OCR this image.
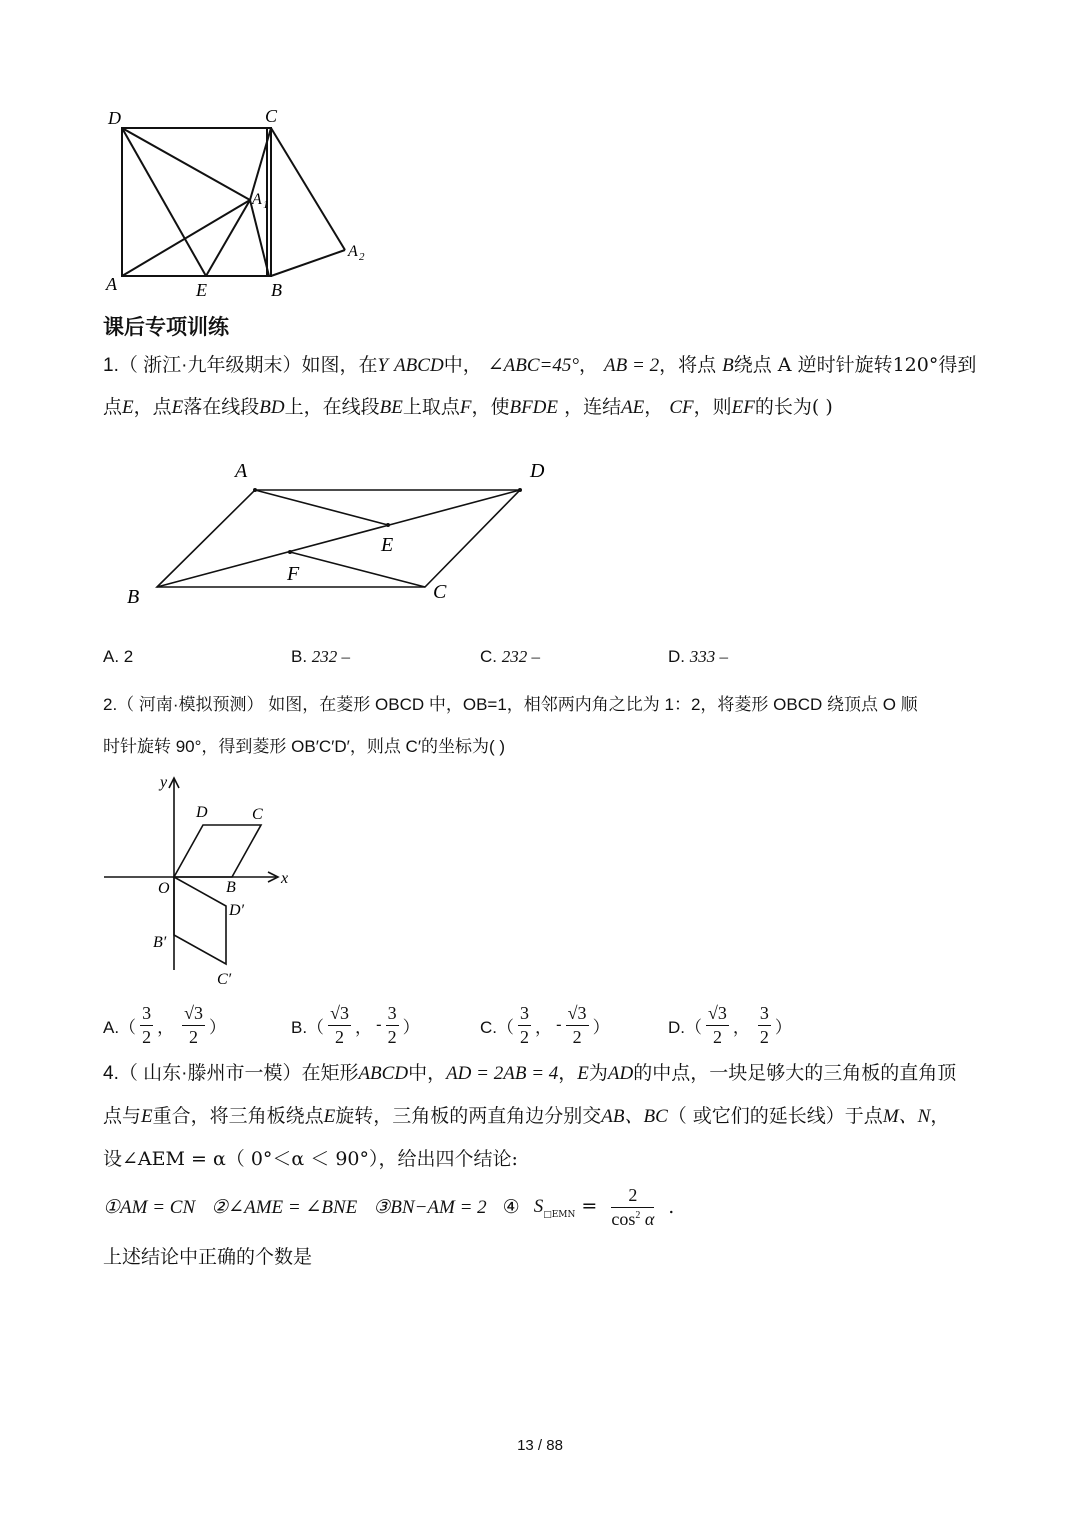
D	C
A 1
A 2
A	E	B
课后专项训练
1.（ 浙江·九年级期末）如图，在Y ABCD中， ∠ABC=45°， AB = 2，将点 B绕点 A 逆时针旋转120°得到
点E，点E落在线段BD上，在线段BE上取点F，使BFDE ，连结AE， CF，则EF的长为( )
A	D
E
F
B	C
A. 2	B. 232 –	C. 232 –	D. 333 –
2.（ 河南·模拟预测） 如图，在菱形 OBCD 中，OB=1，相邻两内角之比为 1：2，将菱形 OBCD 绕顶点 O 顺
时针旋转 90°，得到菱形 OB′C′D′，则点 C′的坐标为( )
y
x
O
D	C
B
D′
B′
C′
$A.( \frac{3}{2}$ ， $\frac{√3}{2}$ ）	$B.( \frac{√3}{2}$ ， - $\frac{3}{2}$ ）	$C.( \frac{3}{2}$ ， - $\frac{√3}{2}$ ）	$D.( \frac{√3}{2}$ ， $\frac{3}{2}$ ）
4.（ 山东·滕州市一模）在矩形ABCD中，AD = 2AB = 4，E为AD的中点，一块足够大的三角板的直角顶
点与E重合，将三角板绕点E旋转，三角板的两直角边分别交AB、BC（ 或它们的延长线）于点M、N，
设∠AEM = α（ 0°＜α ＜ 90°），给出四个结论:
①AM = CN ②∠AME = ∠BNE ③BN−AM = 2 ④ $S_{□EMN} = \frac{2}{\cos^2 \alpha}$ .
上述结论中正确的个数是
13 / 88
